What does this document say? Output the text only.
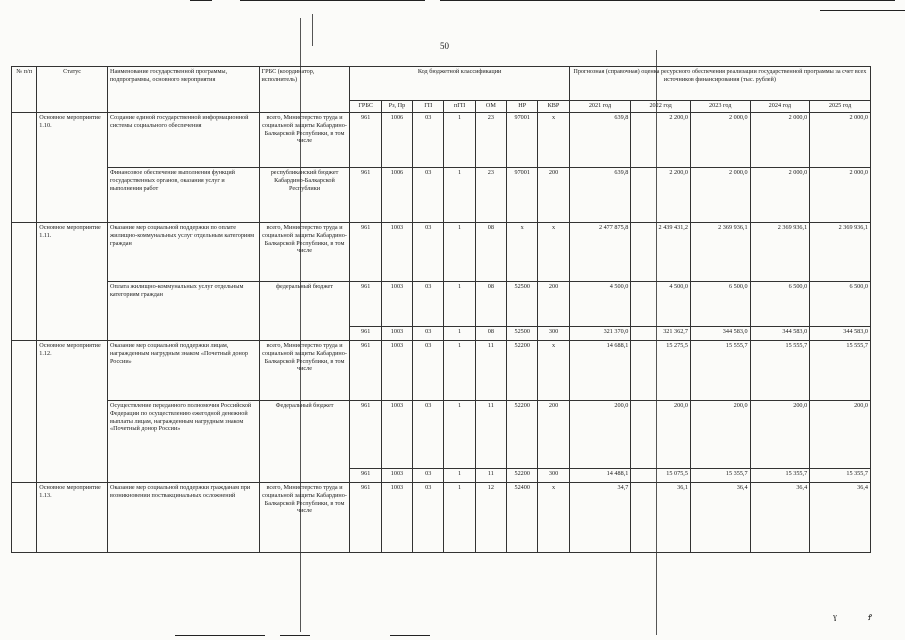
50
№ п/п	Статус	Наименование государственной программы, подпрограммы, основного мероприятия	ГРБС (координатор, исполнитель)	Код бюджетной классификации							Прогнозная (справочная) оценка ресурсного обеспечения реализации государственной программы за счет всех источников финансирования (тыс. рублей)				
				ГРБС	Рз, Пр	ГП	пГП	ОМ	НР	КВР	2021 год	2022 год	2023 год	2024 год	2025 год
	Основное мероприятие 1.10.	Создание единой государственной информационной системы социального обеспечения	всего, Министерство труда и социальной защиты Кабардино-Балкарской Республики, в том числе	961	1006	03	1	23	97001	x	639,8	2 200,0	2 000,0	2 000,0	2 000,0
		Финансовое обеспечение выполнения функций государственных органов, оказания услуг и выполнения работ	республиканский бюджет Кабардино-Балкарской Республики	961	1006	03	1	23	97001	200	639,8	2 200,0	2 000,0	2 000,0	2 000,0
	Основное мероприятие 1.11.	Оказание мер социальной поддержки по оплате жилищно-коммунальных услуг отдельным категориям граждан	всего, Министерство труда и социальной защиты Кабардино-Балкарской Республики, в том числе	961	1003	03	1	08	x	x	2 477 875,8	2 439 431,2	2 369 936,1	2 369 936,1	2 369 936,1
		Оплата жилищно-коммунальных услуг отдельным категориям граждан	федеральный бюджет	961	1003	03	1	08	52500	200	4 500,0	4 500,0	6 500,0	6 500,0	6 500,0
				961	1003	03	1	08	52500	300	321 370,0	321 362,7	344 583,0	344 583,0	344 583,0
	Основное мероприятие 1.12.	Оказание мер социальной поддержки лицам, награжденным нагрудным знаком «Почетный донор России»	всего, Министерство труда и социальной защиты Кабардино-Балкарской Республики, в том числе	961	1003	03	1	11	52200	x	14 688,1	15 275,5	15 555,7	15 555,7	15 555,7
		Осуществление переданного полномочия Российской Федерации по осуществлению ежегодной денежной выплаты лицам, награжденным нагрудным знаком «Почетный донор России»	Федеральный бюджет	961	1003	03	1	11	52200	200	200,0	200,0	200,0	200,0	200,0
				961	1003	03	1	11	52200	300	14 488,1	15 075,5	15 355,7	15 355,7	15 355,7
	Основное мероприятие 1.13.	Оказание мер социальной поддержки гражданам при возникновении поствакцинальных осложнений	всего, Министерство труда и социальной защиты Кабардино-Балкарской Республики, в том числе	961	1003	03	1	12	52400	x	34,7	36,1	36,4	36,4	36,4
ɣ	Ꝭ
